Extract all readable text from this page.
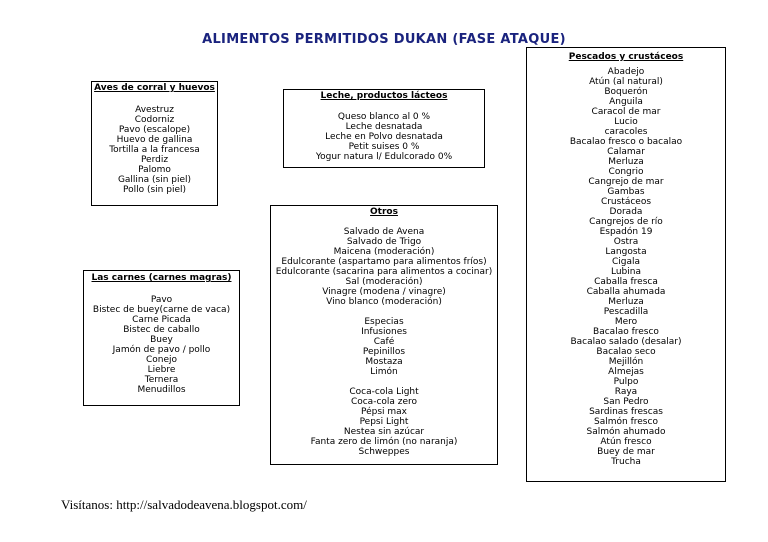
ALIMENTOS PERMITIDOS DUKAN (FASE ATAQUE)
Aves de corral y huevos
Avestruz
Codorniz
Pavo (escalope)
Huevo de gallina
Tortilla a la francesa
Perdiz
Palomo
Gallina (sin piel)
Pollo (sin piel)
Leche, productos lácteos
Queso blanco al 0 %
Leche desnatada
Leche en Polvo desnatada
Petit suises 0 %
Yogur natura l/ Edulcorado 0%
Las carnes (carnes magras)
Pavo
Bistec de buey(carne de vaca)
Carne Picada
Bistec de caballo
Buey
Jamón de pavo / pollo
Conejo
Liebre
Ternera
Menudillos
Otros
Salvado de Avena
Salvado de Trigo
Maicena (moderación)
Edulcorante (aspartamo para alimentos fríos)
Edulcorante (sacarina para alimentos a cocinar)
Sal (moderación)
Vinagre (modena / vinagre)
Vino blanco (moderación)
Especias
Infusiones
Café
Pepinillos
Mostaza
Limón
Coca-cola Light
Coca-cola zero
Pépsi max
Pepsi Light
Nestea sin azúcar
Fanta zero de limón (no naranja)
Schweppes
Pescados y crustáceos
Abadejo
Atún (al natural)
Boquerón
Anguila
Caracol de mar
Lucio
caracoles
Bacalao fresco o bacalao
Calamar
Merluza
Congrio
Cangrejo de mar
Gambas
Crustáceos
Dorada
Cangrejos de río
Espadón 19
Ostra
Langosta
Cigala
Lubina
Caballa fresca
Caballa ahumada
Merluza
Pescadilla
Mero
Bacalao fresco
Bacalao salado (desalar)
Bacalao seco
Mejillón
Almejas
Pulpo
Raya
San Pedro
Sardinas frescas
Salmón fresco
Salmón ahumado
Atún fresco
Buey de mar
Trucha
Visítanos: http://salvadodeavena.blogspot.com/
